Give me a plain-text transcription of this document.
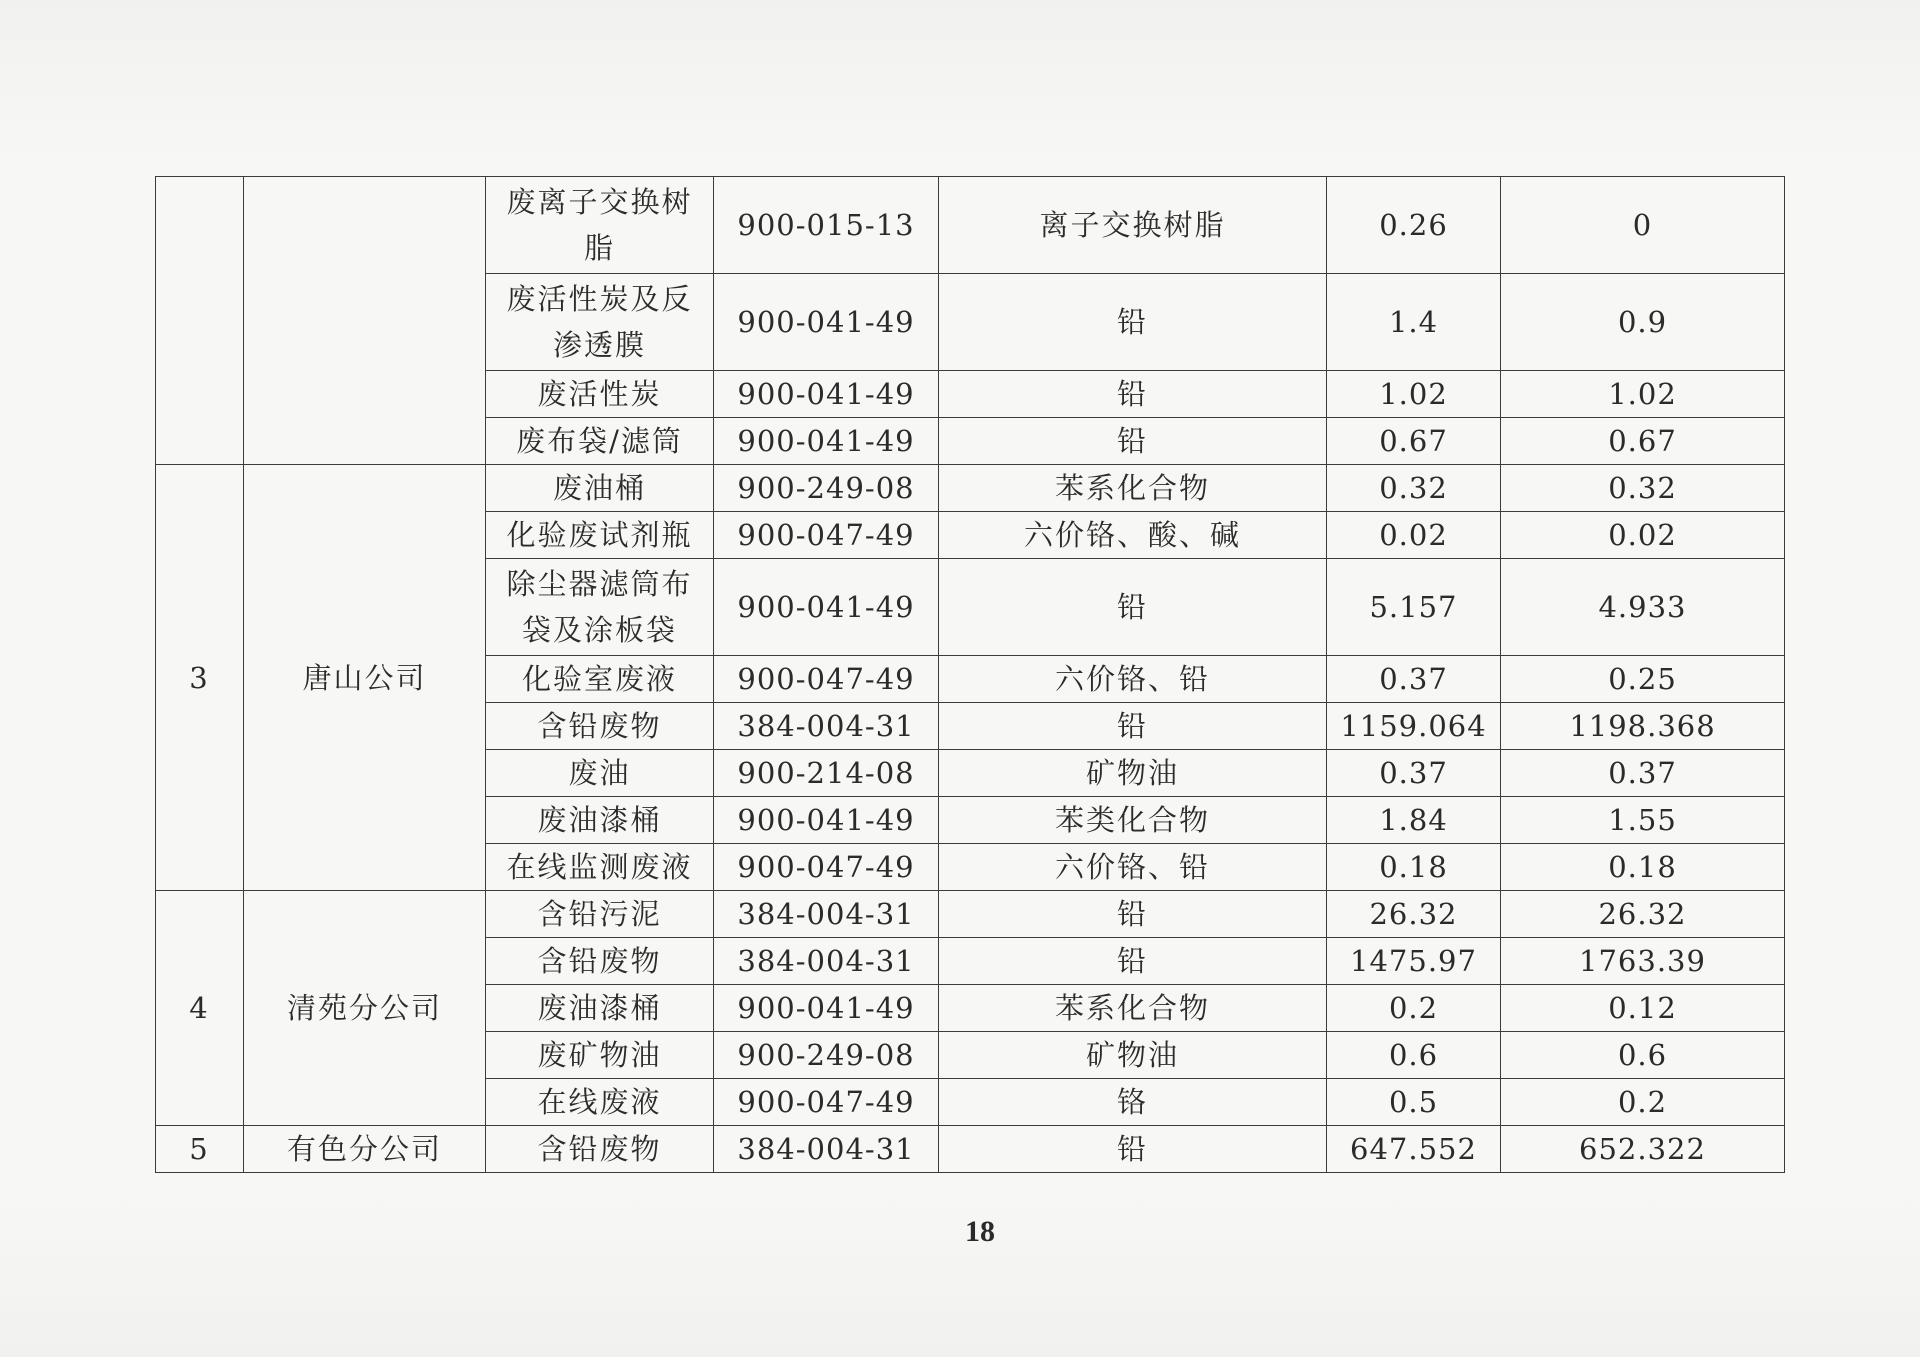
		废离子交换树脂	900-015-13	离子交换树脂	0.26	0
		废活性炭及反渗透膜	900-041-49	铅	1.4	0.9
		废活性炭	900-041-49	铅	1.02	1.02
		废布袋/滤筒	900-041-49	铅	0.67	0.67
3	唐山公司	废油桶	900-249-08	苯系化合物	0.32	0.32
		化验废试剂瓶	900-047-49	六价铬、酸、碱	0.02	0.02
		除尘器滤筒布袋及涂板袋	900-041-49	铅	5.157	4.933
		化验室废液	900-047-49	六价铬、铅	0.37	0.25
		含铅废物	384-004-31	铅	1159.064	1198.368
		废油	900-214-08	矿物油	0.37	0.37
		废油漆桶	900-041-49	苯类化合物	1.84	1.55
		在线监测废液	900-047-49	六价铬、铅	0.18	0.18
4	清苑分公司	含铅污泥	384-004-31	铅	26.32	26.32
		含铅废物	384-004-31	铅	1475.97	1763.39
		废油漆桶	900-041-49	苯系化合物	0.2	0.12
		废矿物油	900-249-08	矿物油	0.6	0.6
		在线废液	900-047-49	铬	0.5	0.2
5	有色分公司	含铅废物	384-004-31	铅	647.552	652.322
18
